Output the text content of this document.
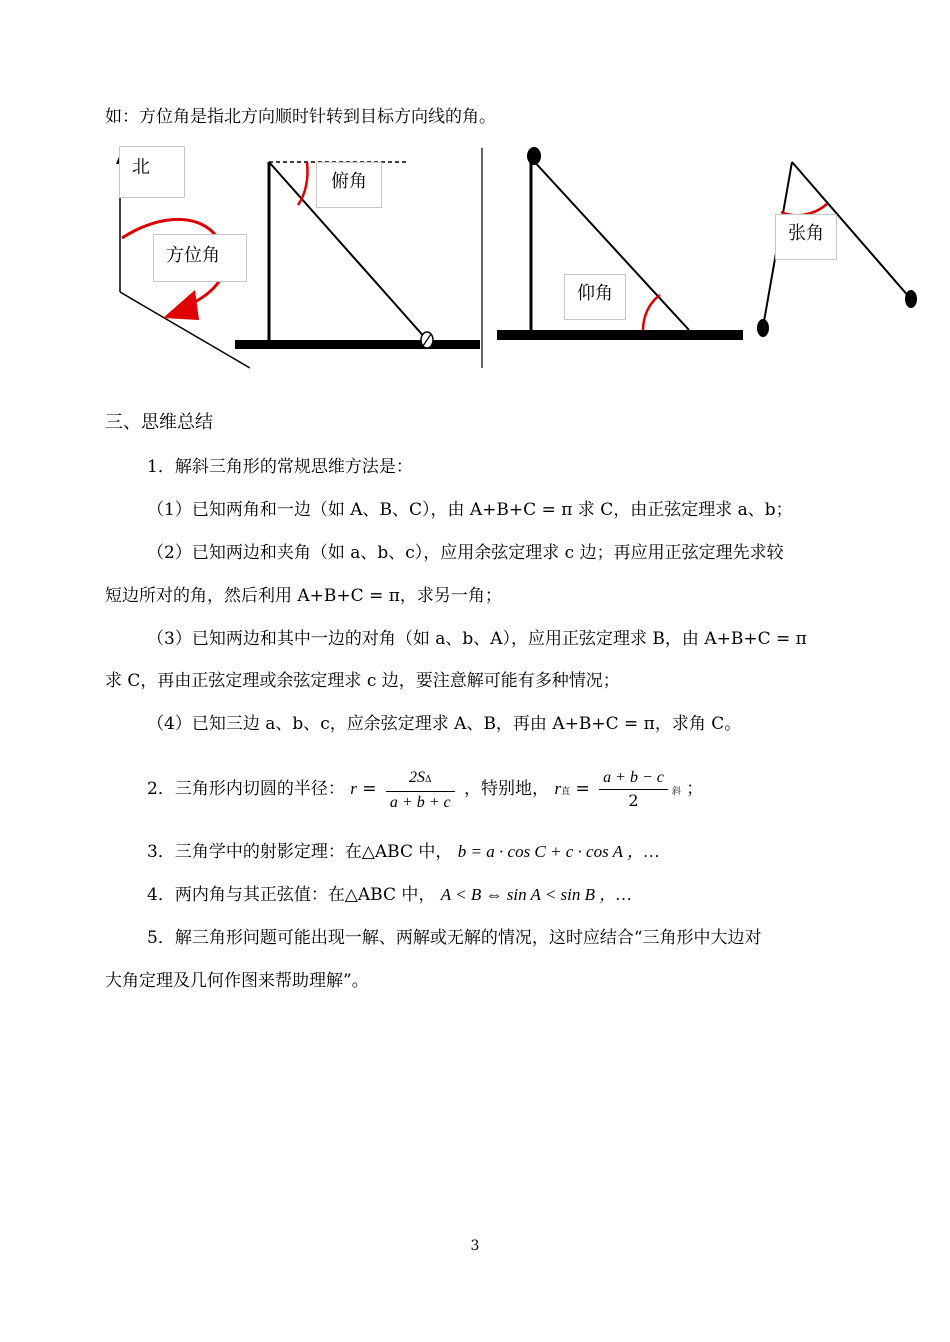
如：方位角是指北方向顺时针转到目标方向线的角。
北
方位角
俯角
仰角
张角
三、思维总结
1．解斜三角形的常规思维方法是：
（1）已知两角和一边（如 A、B、C），由 A+B+C = π 求 C，由正弦定理求 a、b；
（2）已知两边和夹角（如 a、b、c），应用余弦定理求 c 边；再应用正弦定理先求较
短边所对的角，然后利用 A+B+C = π，求另一角；
（3）已知两边和其中一边的对角（如 a、b、A），应用正弦定理求 B，由 A+B+C = π
求 C，再由正弦定理或余弦定理求 c 边，要注意解可能有多种情况；
（4）已知三边 a、b、c，应余弦定理求 A、B，再由 A+B+C = π，求角 C。
2．三角形内切圆的半径： $r = \frac{2S\Delta}{a + b + c}$ ，特别地， r直 = $\frac{a + b - c}{2}$ 斜 ；
3．三角学中的射影定理：在△ABC 中， b = a · cos C + c · cos A ，…
4．两内角与其正弦值：在△ABC 中， A < B ⇔ sin A < sin B ，…
5．解三角形问题可能出现一解、两解或无解的情况，这时应结合“三角形中大边对
大角定理及几何作图来帮助理解”。
3
